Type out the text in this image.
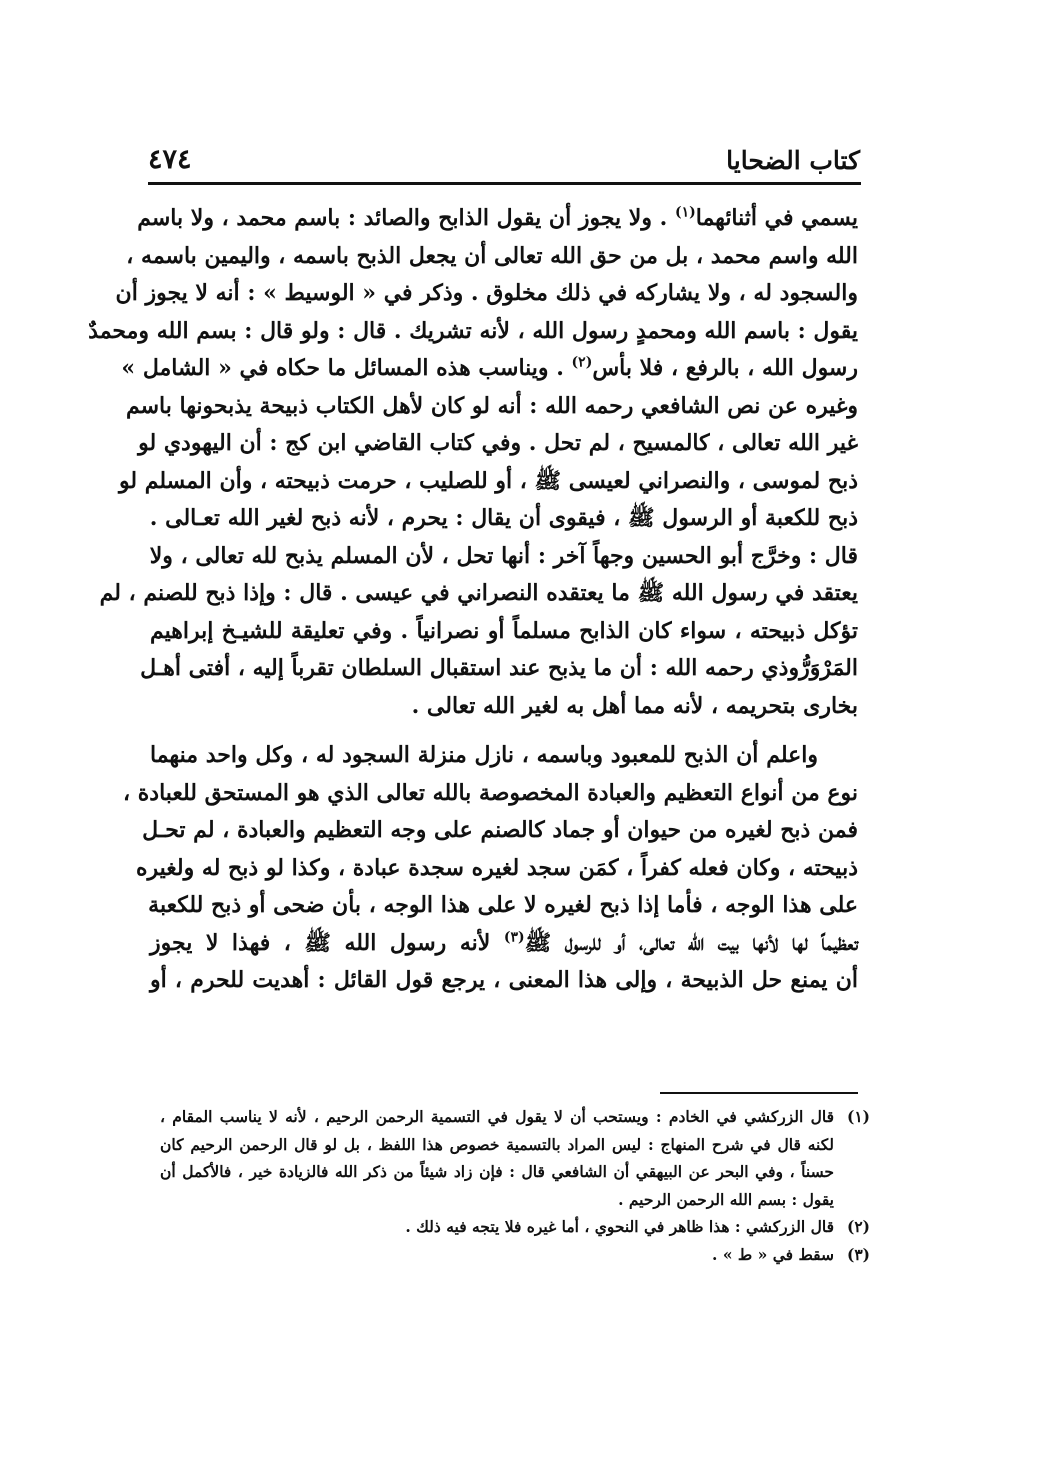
كتاب الضحايا
٤٧٤

يسمي في أثنائهما$^{(١)}$ . ولا يجوز أن يقول الذابح والصائد : باسم محمد ، ولا باسم
الله واسم محمد ، بل من حق الله تعالى أن يجعل الذبح باسمه ، واليمين باسمه ،
والسجود له ، ولا يشاركه في ذلك مخلوق . وذكر في « الوسيط » : أنه لا يجوز أن
يقول : باسم الله ومحمدٍ رسول الله ، لأنه تشريك . قال : ولو قال : بسم الله ومحمدٌ
رسول الله ، بالرفع ، فلا بأس$^{(٢)}$ . ويناسب هذه المسائل ما حكاه في « الشامل »
وغيره عن نص الشافعي رحمه الله : أنه لو كان لأهل الكتاب ذبيحة يذبحونها باسم
غير الله تعالى ، كالمسيح ، لم تحل . وفي كتاب القاضي ابن كج : أن اليهودي لو
ذبح لموسى ، والنصراني لعيسى ﷺ ، أو للصليب ، حرمت ذبيحته ، وأن المسلم لو
ذبح للكعبة أو الرسول ﷺ ، فيقوى أن يقال : يحرم ، لأنه ذبح لغير الله تعـالى .
قال : وخرَّج أبو الحسين وجهاً آخر : أنها تحل ، لأن المسلم يذبح لله تعالى ، ولا
يعتقد في رسول الله ﷺ ما يعتقده النصراني في عيسى . قال : وإذا ذبح للصنم ، لم
تؤكل ذبيحته ، سواء كان الذابح مسلماً أو نصرانياً . وفي تعليقة للشيـخ إبراهيم
المَرْوَرُّوذي رحمه الله : أن ما يذبح عند استقبال السلطان تقرباً إليه ، أفتى أهـل
بخارى بتحريمه ، لأنه مما أهل به لغير الله تعالى .

واعلم أن الذبح للمعبود وباسمه ، نازل منزلة السجود له ، وكل واحد منهما
نوع من أنواع التعظيم والعبادة المخصوصة بالله تعالى الذي هو المستحق للعبادة ،
فمن ذبح لغيره من حيوان أو جماد كالصنم على وجه التعظيم والعبادة ، لم تحـل
ذبيحته ، وكان فعله كفراً ، كمَن سجد لغيره سجدة عبادة ، وكذا لو ذبح له ولغيره
على هذا الوجه ، فأما إذا ذبح لغيره لا على هذا الوجه ، بأن ضحى أو ذبح للكعبة
تعظيماً لها لأنها بيت الله تعالى، أو للرسول ﷺ$^{(٣)}$ لأنه رسول الله ﷺ ، فهذا لا يجوز
أن يمنع حل الذبيحة ، وإلى هذا المعنى ، يرجع قول القائل : أهديت للحرم ، أو

(١)قال الزركشي في الخادم : ويستحب أن لا يقول في التسمية الرحمن الرحيم ، لأنه لا يناسب المقام ،
لكنه قال في شرح المنهاج : ليس المراد بالتسمية خصوص هذا اللفظ ، بل لو قال الرحمن الرحيم كان
حسناً ، وفي البحر عن البيهقي أن الشافعي قال : فإن زاد شيئاً من ذكر الله فالزيادة خير ، فالأكمل أن
يقول : بسم الله الرحمن الرحيم .
(٢)قال الزركشي : هذا ظاهر في النحوي ، أما غيره فلا يتجه فيه ذلك .
(٣)سقط في « ط » .
